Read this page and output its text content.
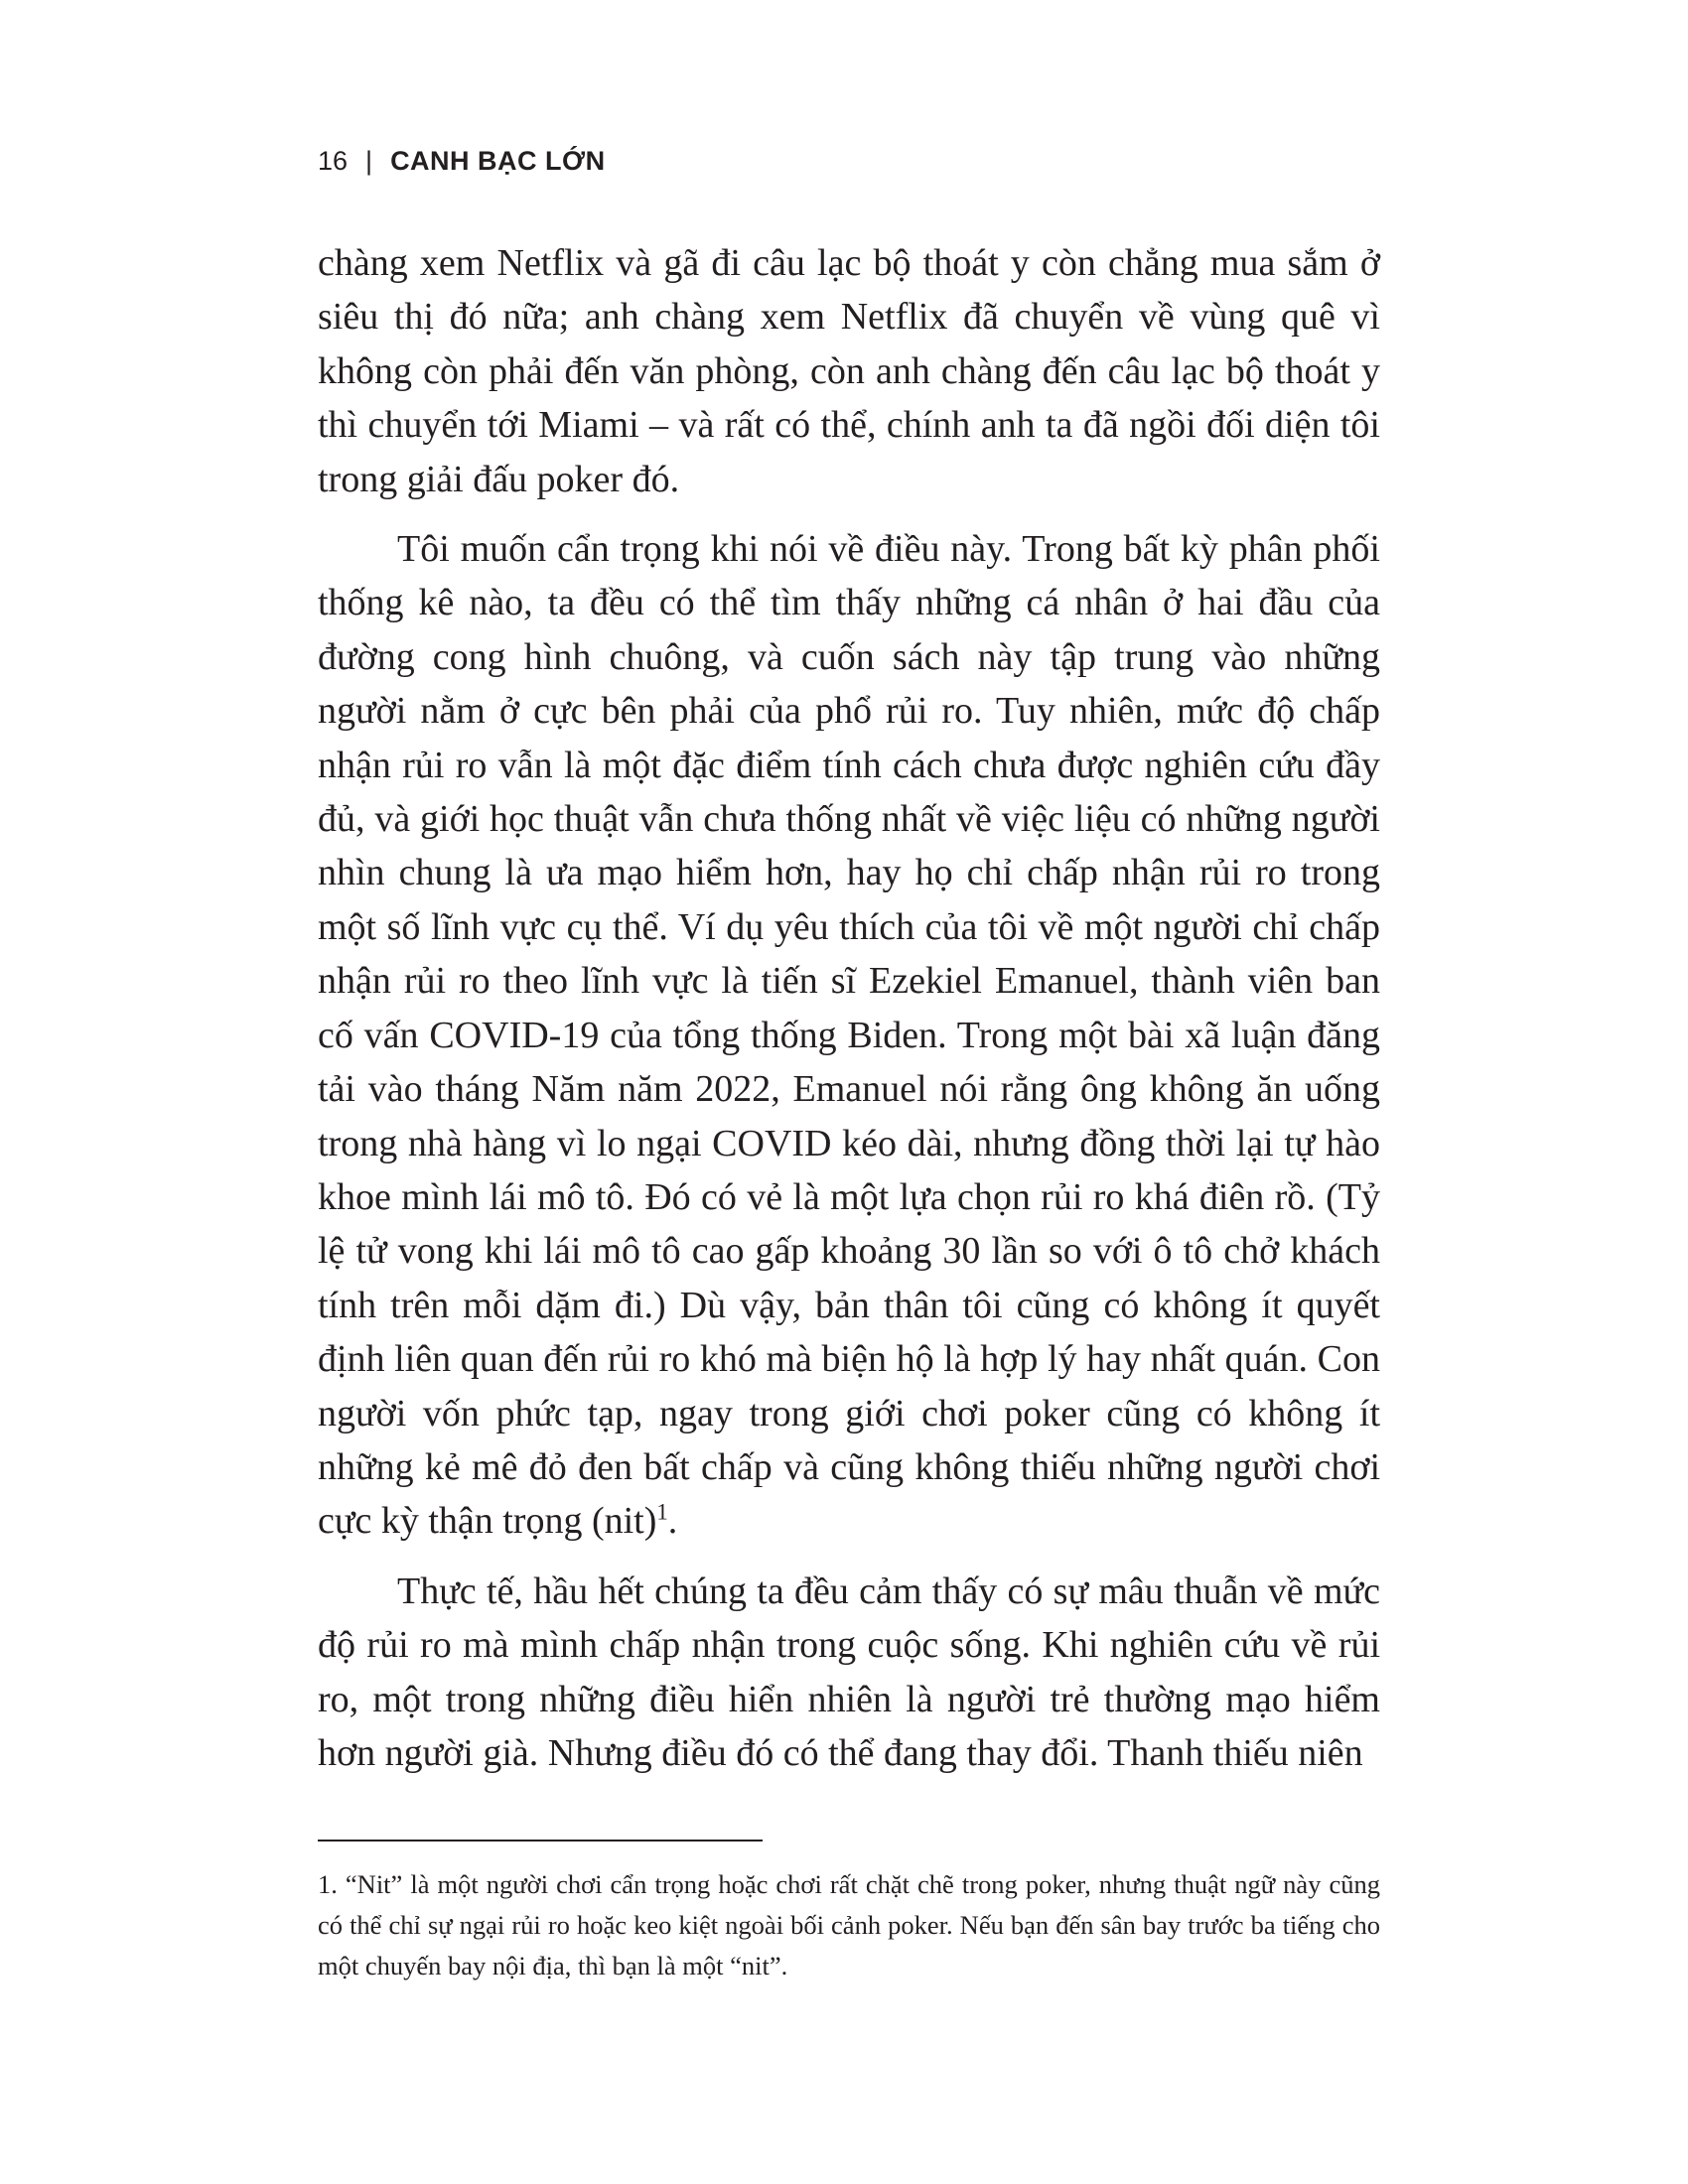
16 | CANH BẠC LỚN

chàng xem Netflix và gã đi câu lạc bộ thoát y còn chẳng mua sắm ở siêu thị đó nữa; anh chàng xem Netflix đã chuyển về vùng quê vì không còn phải đến văn phòng, còn anh chàng đến câu lạc bộ thoát y thì chuyển tới Miami – và rất có thể, chính anh ta đã ngồi đối diện tôi trong giải đấu poker đó.

Tôi muốn cẩn trọng khi nói về điều này. Trong bất kỳ phân phối thống kê nào, ta đều có thể tìm thấy những cá nhân ở hai đầu của đường cong hình chuông, và cuốn sách này tập trung vào những người nằm ở cực bên phải của phổ rủi ro. Tuy nhiên, mức độ chấp nhận rủi ro vẫn là một đặc điểm tính cách chưa được nghiên cứu đầy đủ, và giới học thuật vẫn chưa thống nhất về việc liệu có những người nhìn chung là ưa mạo hiểm hơn, hay họ chỉ chấp nhận rủi ro trong một số lĩnh vực cụ thể. Ví dụ yêu thích của tôi về một người chỉ chấp nhận rủi ro theo lĩnh vực là tiến sĩ Ezekiel Emanuel, thành viên ban cố vấn COVID-19 của tổng thống Biden. Trong một bài xã luận đăng tải vào tháng Năm năm 2022, Emanuel nói rằng ông không ăn uống trong nhà hàng vì lo ngại COVID kéo dài, nhưng đồng thời lại tự hào khoe mình lái mô tô. Đó có vẻ là một lựa chọn rủi ro khá điên rồ. (Tỷ lệ tử vong khi lái mô tô cao gấp khoảng 30 lần so với ô tô chở khách tính trên mỗi dặm đi.) Dù vậy, bản thân tôi cũng có không ít quyết định liên quan đến rủi ro khó mà biện hộ là hợp lý hay nhất quán. Con người vốn phức tạp, ngay trong giới chơi poker cũng có không ít những kẻ mê đỏ đen bất chấp và cũng không thiếu những người chơi cực kỳ thận trọng (nit)$^1$.

Thực tế, hầu hết chúng ta đều cảm thấy có sự mâu thuẫn về mức độ rủi ro mà mình chấp nhận trong cuộc sống. Khi nghiên cứu về rủi ro, một trong những điều hiển nhiên là người trẻ thường mạo hiểm hơn người già. Nhưng điều đó có thể đang thay đổi. Thanh thiếu niên

1. “Nit” là một người chơi cẩn trọng hoặc chơi rất chặt chẽ trong poker, nhưng thuật ngữ này cũng có thể chỉ sự ngại rủi ro hoặc keo kiệt ngoài bối cảnh poker. Nếu bạn đến sân bay trước ba tiếng cho một chuyến bay nội địa, thì bạn là một “nit”.
